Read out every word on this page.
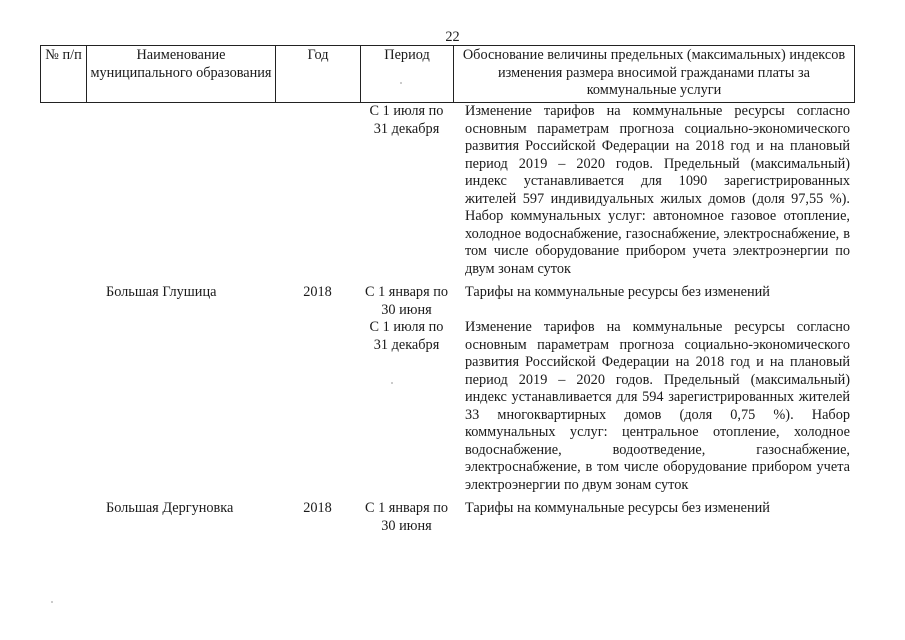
22
№ п/п	Наименование муниципального образования	Год	Период	Обоснование величины предельных (максимальных) индексов изменения размера вносимой гражданами платы за коммунальные услуги
			С 1 июля по 31 декабря	Изменение тарифов на коммунальные ресурсы согласно основным параметрам прогноза социально-экономического развития Российской Федерации на 2018 год и на плановый период 2019 – 2020 годов. Предельный (максимальный) индекс устанавливается для 1090 зарегистрированных жителей 597 индивидуальных жилых домов (доля 97,55 %). Набор коммунальных услуг: автономное газовое отопление, холодное водоснабжение, газоснабжение, электроснабжение, в том числе оборудование прибором учета электроэнергии по двум зонам суток
	Большая Глушица	2018	С 1 января по 30 июня	Тарифы на коммунальные ресурсы без изменений
			С 1 июля по 31 декабря	Изменение тарифов на коммунальные ресурсы согласно основным параметрам прогноза социально-экономического развития Российской Федерации на 2018 год и на плановый период 2019 – 2020 годов. Предельный (максимальный) индекс устанавливается для 594 зарегистрированных жителей 33 многоквартирных домов (доля 0,75 %). Набор коммунальных услуг: центральное отопление, холодное водоснабжение, водоотведение, газоснабжение, электроснабжение, в том числе оборудование прибором учета электроэнергии по двум зонам суток
	Большая Дергуновка	2018	С 1 января по 30 июня	Тарифы на коммунальные ресурсы без изменений
